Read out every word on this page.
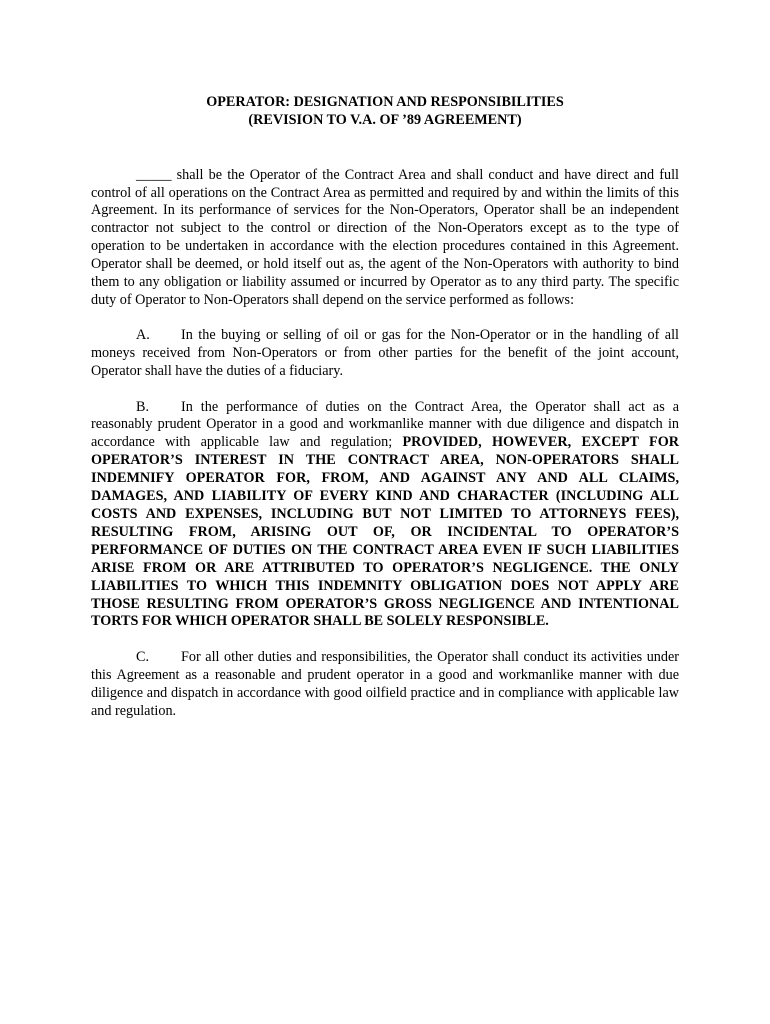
OPERATOR: DESIGNATION AND RESPONSIBILITIES
(REVISION TO V.A. OF ’89 AGREEMENT)

_____ shall be the Operator of the Contract Area and shall conduct and have direct and full control of all operations on the Contract Area as permitted and required by and within the limits of this Agreement. In its performance of services for the Non-Operators, Operator shall be an independent contractor not subject to the control or direction of the Non-Operators except as to the type of operation to be undertaken in accordance with the election procedures contained in this Agreement. Operator shall be deemed, or hold itself out as, the agent of the Non-Operators with authority to bind them to any obligation or liability assumed or incurred by Operator as to any third party. The specific duty of Operator to Non-Operators shall depend on the service performed as follows:

A. In the buying or selling of oil or gas for the Non-Operator or in the handling of all moneys received from Non-Operators or from other parties for the benefit of the joint account, Operator shall have the duties of a fiduciary.

B. In the performance of duties on the Contract Area, the Operator shall act as a reasonably prudent Operator in a good and workmanlike manner with due diligence and dispatch in accordance with applicable law and regulation; PROVIDED, HOWEVER, EXCEPT FOR OPERATOR’S INTEREST IN THE CONTRACT AREA, NON-OPERATORS SHALL INDEMNIFY OPERATOR FOR, FROM, AND AGAINST ANY AND ALL CLAIMS, DAMAGES, AND LIABILITY OF EVERY KIND AND CHARACTER (INCLUDING ALL COSTS AND EXPENSES, INCLUDING BUT NOT LIMITED TO ATTORNEYS FEES), RESULTING FROM, ARISING OUT OF, OR INCIDENTAL TO OPERATOR’S PERFORMANCE OF DUTIES ON THE CONTRACT AREA EVEN IF SUCH LIABILITIES ARISE FROM OR ARE ATTRIBUTED TO OPERATOR’S NEGLIGENCE. THE ONLY LIABILITIES TO WHICH THIS INDEMNITY OBLIGATION DOES NOT APPLY ARE THOSE RESULTING FROM OPERATOR’S GROSS NEGLIGENCE AND INTENTIONAL TORTS FOR WHICH OPERATOR SHALL BE SOLELY RESPONSIBLE.

C. For all other duties and responsibilities, the Operator shall conduct its activities under this Agreement as a reasonable and prudent operator in a good and workmanlike manner with due diligence and dispatch in accordance with good oilfield practice and in compliance with applicable law and regulation.
